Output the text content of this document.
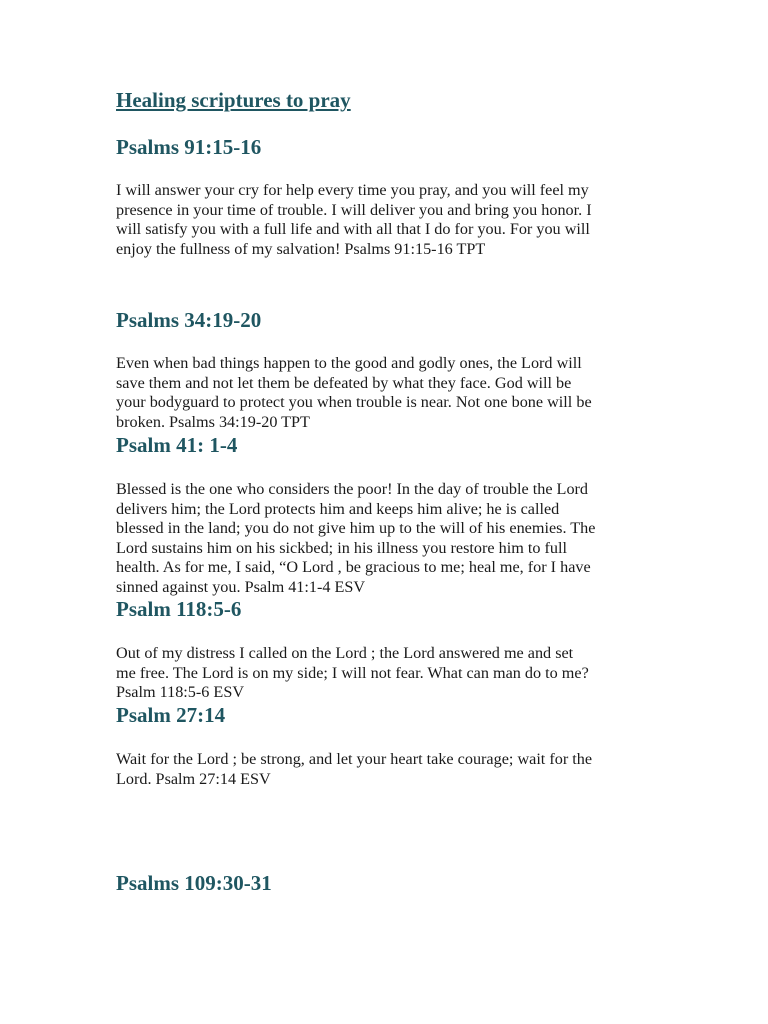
Healing scriptures to pray
Psalms 91:15-16

I will answer your cry for help every time you pray, and you will feel my
presence in your time of trouble. I will deliver you and bring you honor. I
will satisfy you with a full life and with all that I do for you. For you will
enjoy the fullness of my salvation! Psalms 91:15-16 TPT

Psalms 34:19-20

Even when bad things happen to the good and godly ones, the Lord will
save them and not let them be defeated by what they face. God will be
your bodyguard to protect you when trouble is near. Not one bone will be
broken. Psalms 34:19-20 TPT

Psalm 41: 1-4

Blessed is the one who considers the poor! In the day of trouble the Lord
delivers him; the Lord protects him and keeps him alive; he is called
blessed in the land; you do not give him up to the will of his enemies. The
Lord sustains him on his sickbed; in his illness you restore him to full
health. As for me, I said, “O Lord , be gracious to me; heal me, for I have
sinned against you. Psalm 41:1-4 ESV

Psalm 118:5-6

Out of my distress I called on the Lord ; the Lord answered me and set
me free. The Lord is on my side; I will not fear. What can man do to me?
Psalm 118:5-6 ESV

Psalm 27:14

Wait for the Lord ; be strong, and let your heart take courage; wait for the
Lord. Psalm 27:14 ESV

Psalms 109:30-31
